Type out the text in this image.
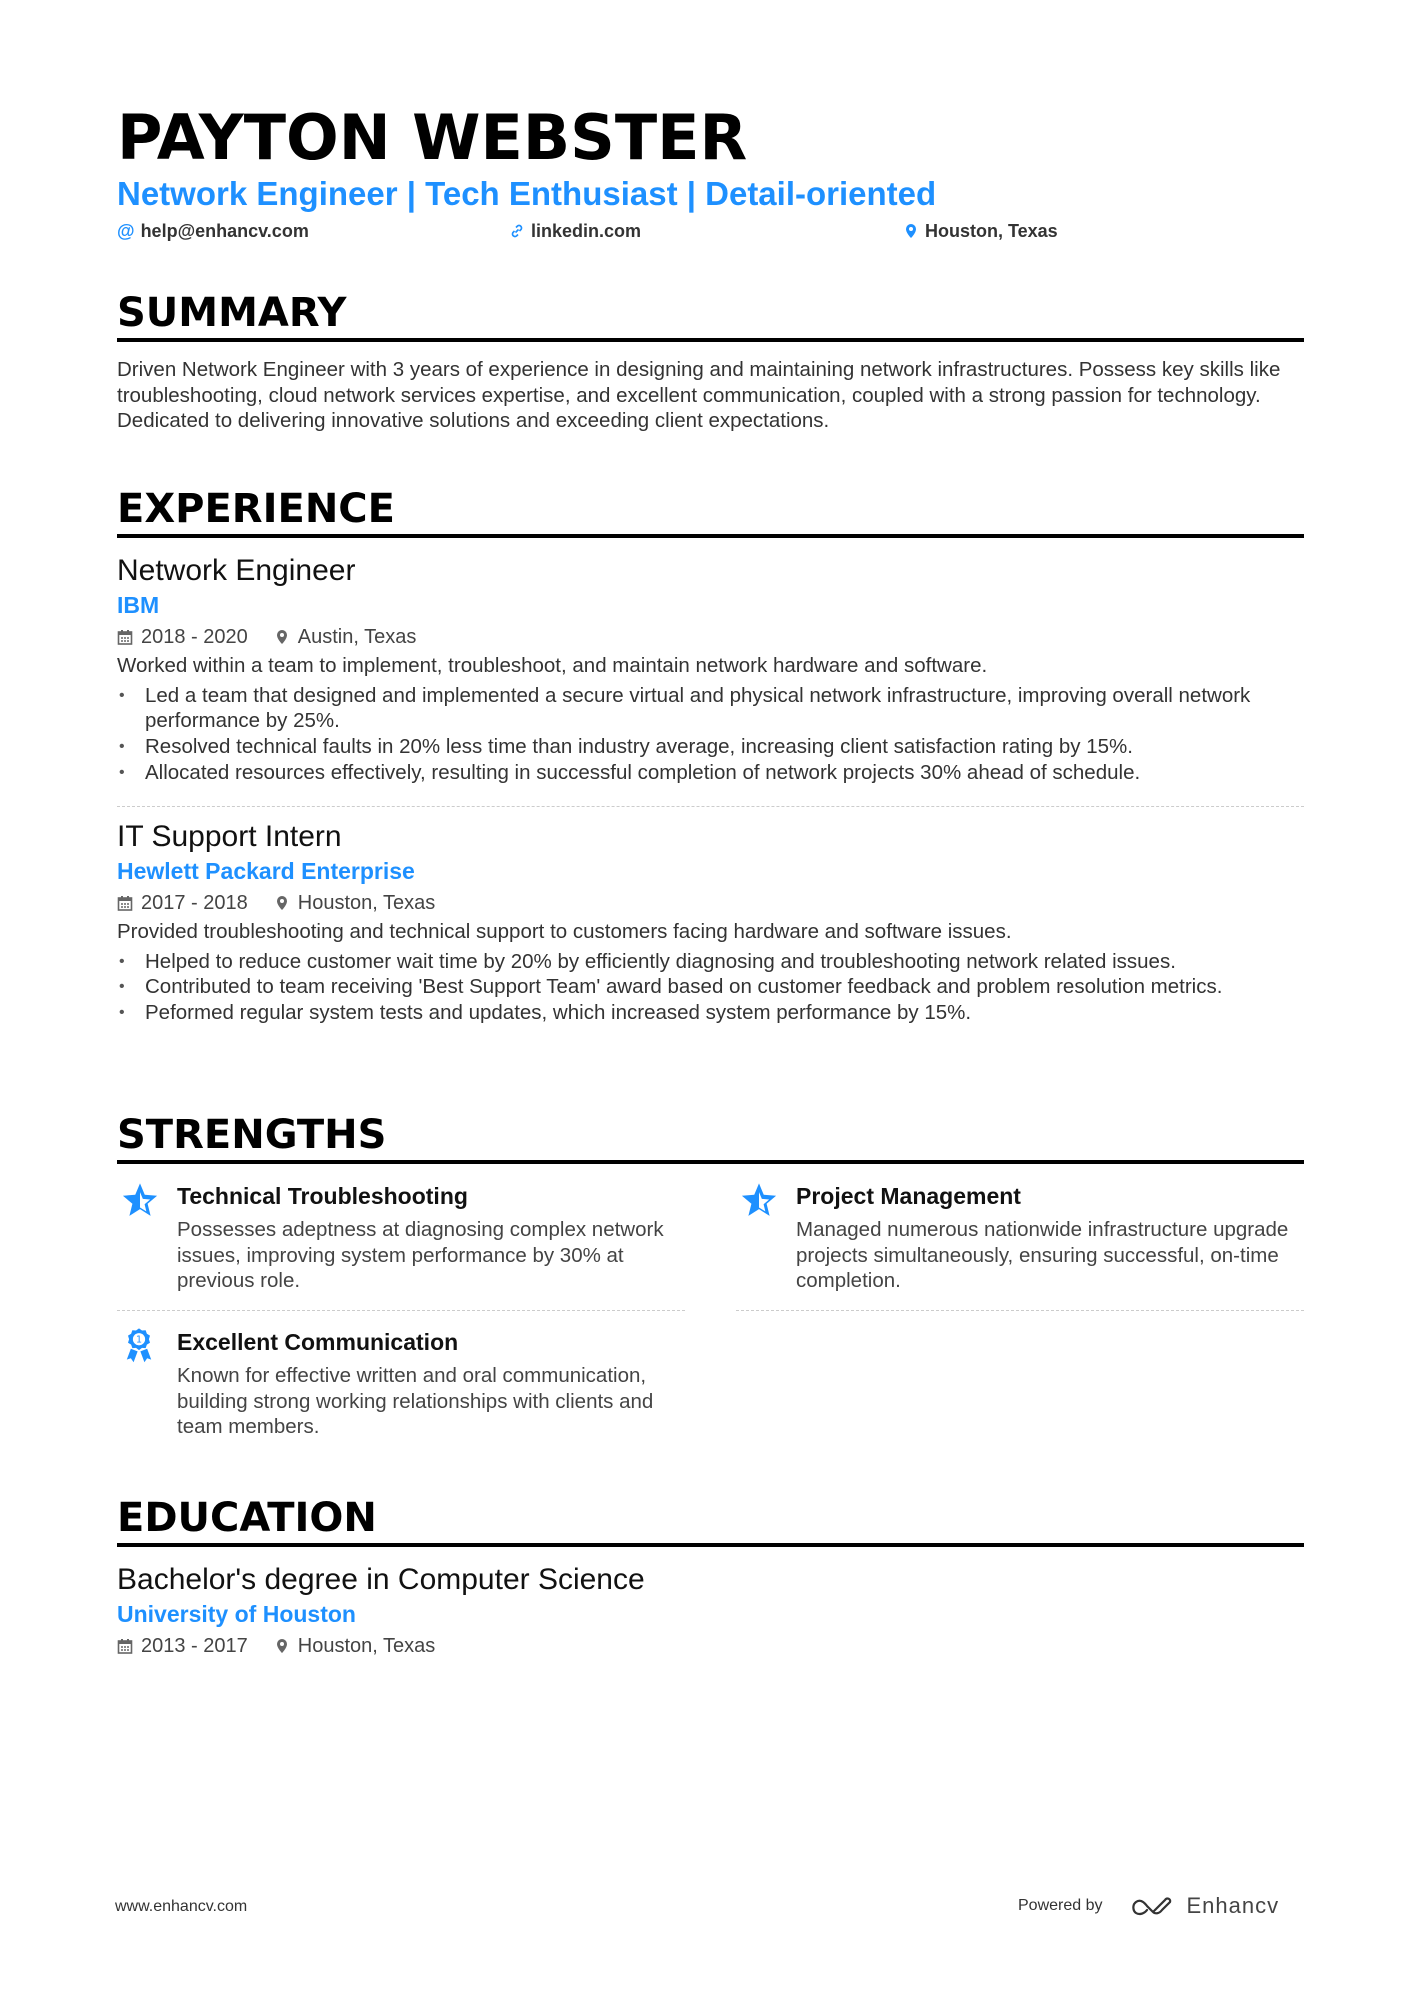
PAYTON WEBSTER
Network Engineer | Tech Enthusiast | Detail-oriented
@ help@enhancv.com	linkedin.com	Houston, Texas
SUMMARY
Driven Network Engineer with 3 years of experience in designing and maintaining network infrastructures. Possess key skills like troubleshooting, cloud network services expertise, and excellent communication, coupled with a strong passion for technology. Dedicated to delivering innovative solutions and exceeding client expectations.
EXPERIENCE
Network Engineer
IBM
2018 - 2020	Austin, Texas
Worked within a team to implement, troubleshoot, and maintain network hardware and software.
• Led a team that designed and implemented a secure virtual and physical network infrastructure, improving overall network performance by 25%.
• Resolved technical faults in 20% less time than industry average, increasing client satisfaction rating by 15%.
• Allocated resources effectively, resulting in successful completion of network projects 30% ahead of schedule.
IT Support Intern
Hewlett Packard Enterprise
2017 - 2018	Houston, Texas
Provided troubleshooting and technical support to customers facing hardware and software issues.
• Helped to reduce customer wait time by 20% by efficiently diagnosing and troubleshooting network related issues.
• Contributed to team receiving 'Best Support Team' award based on customer feedback and problem resolution metrics.
• Peformed regular system tests and updates, which increased system performance by 15%.
STRENGTHS
Technical Troubleshooting
Possesses adeptness at diagnosing complex network issues, improving system performance by 30% at previous role.
Project Management
Managed numerous nationwide infrastructure upgrade projects simultaneously, ensuring successful, on-time completion.
1 Excellent Communication
Known for effective written and oral communication, building strong working relationships with clients and team members.
EDUCATION
Bachelor's degree in Computer Science
University of Houston
2013 - 2017	Houston, Texas
www.enhancv.com	Powered by	Enhancv
